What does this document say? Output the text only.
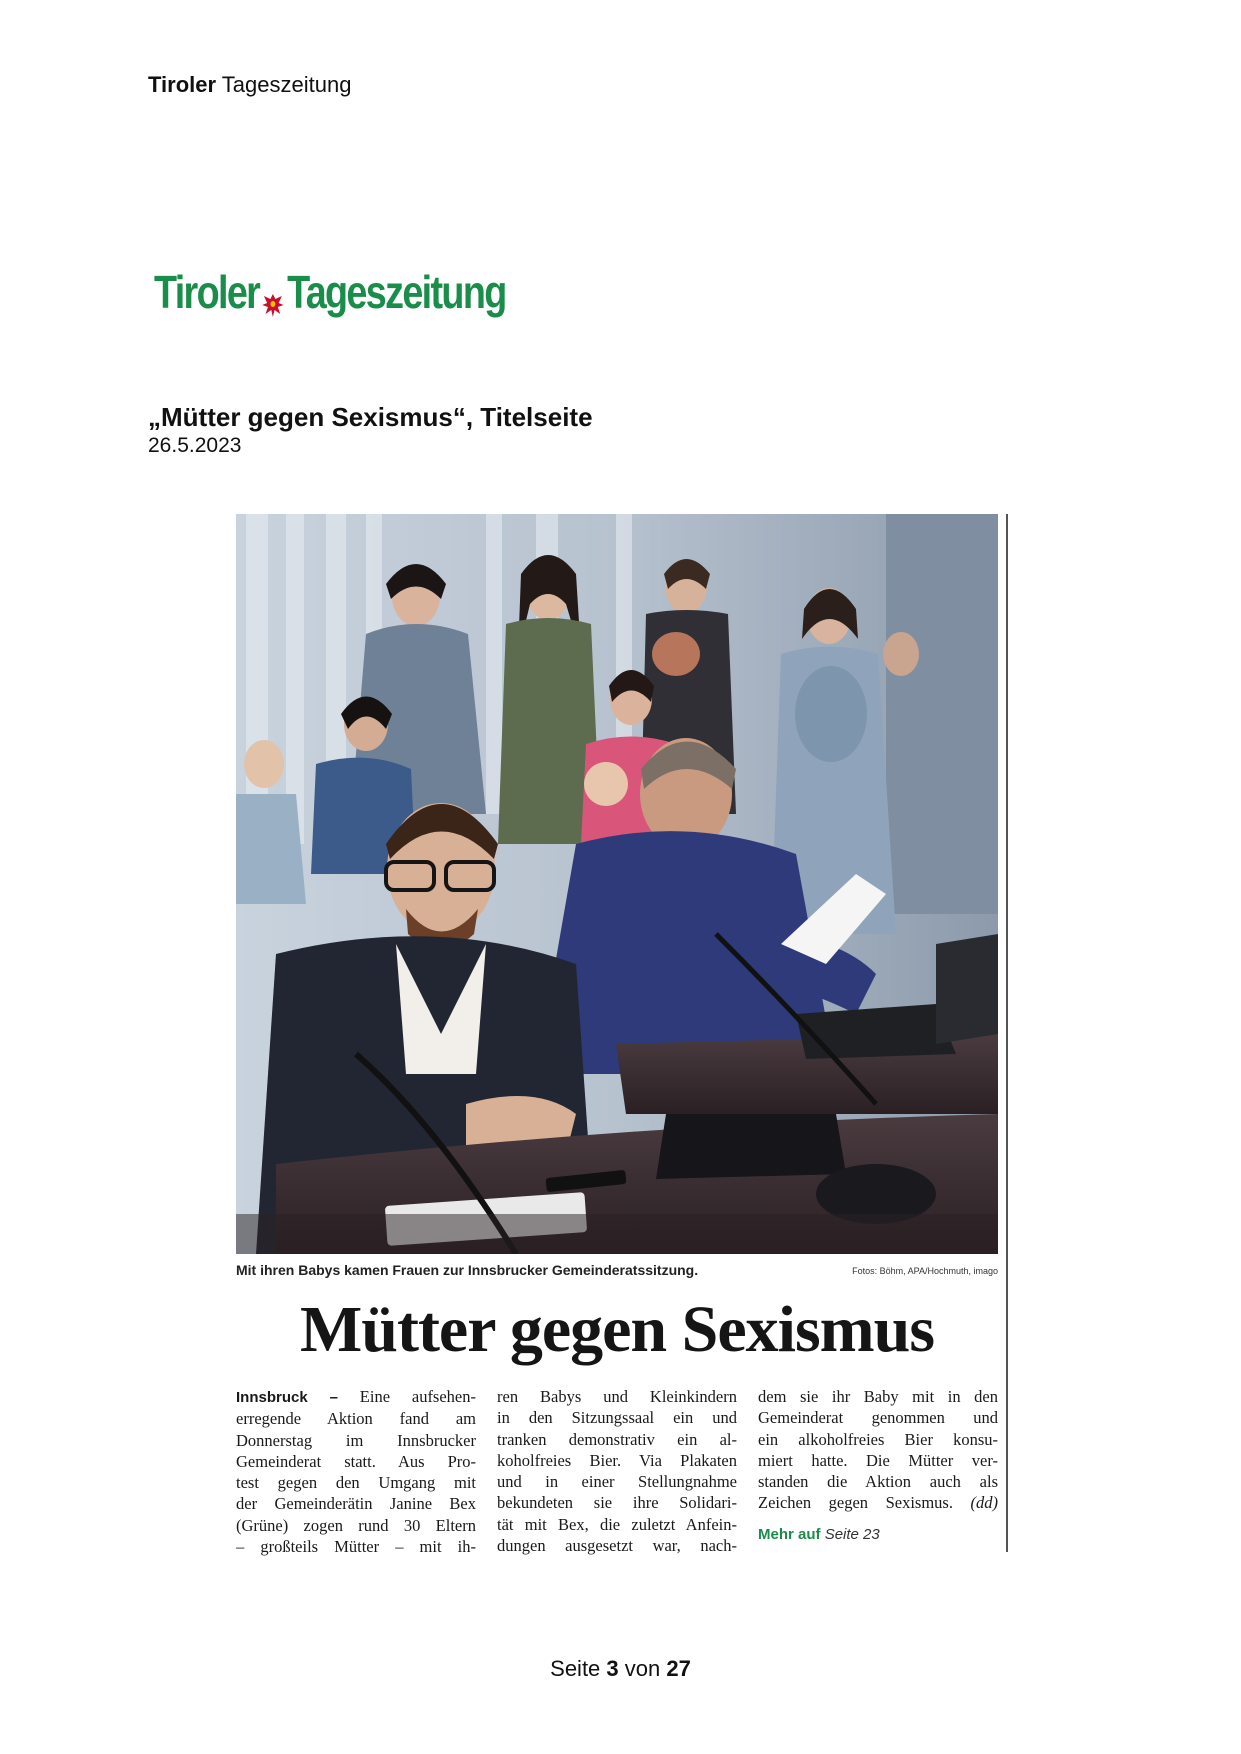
Tiroler Tageszeitung
Tiroler Tageszeitung
„Mütter gegen Sexismus“, Titelseite
26.5.2023
Mit ihren Babys kamen Frauen zur Innsbrucker Gemeinderatssitzung.	Fotos: Böhm, APA/Hochmuth, imago
Mütter gegen Sexismus
Innsbruck – Eine aufsehen-
erregende Aktion fand am
Donnerstag im Innsbrucker
Gemeinderat statt. Aus Pro-
test gegen den Umgang mit
der Gemeinderätin Janine Bex
(Grüne) zogen rund 30 Eltern
– großteils Mütter – mit ih-
ren Babys und Kleinkindern
in den Sitzungssaal ein und
tranken demonstrativ ein al-
koholfreies Bier. Via Plakaten
und in einer Stellungnahme
bekundeten sie ihre Solidari-
tät mit Bex, die zuletzt Anfein-
dungen ausgesetzt war, nach-
dem sie ihr Baby mit in den
Gemeinderat genommen und
ein alkoholfreies Bier konsu-
miert hatte. Die Mütter ver-
standen die Aktion auch als
Zeichen gegen Sexismus. (dd)
Mehr auf Seite 23
Seite 3 von 27
